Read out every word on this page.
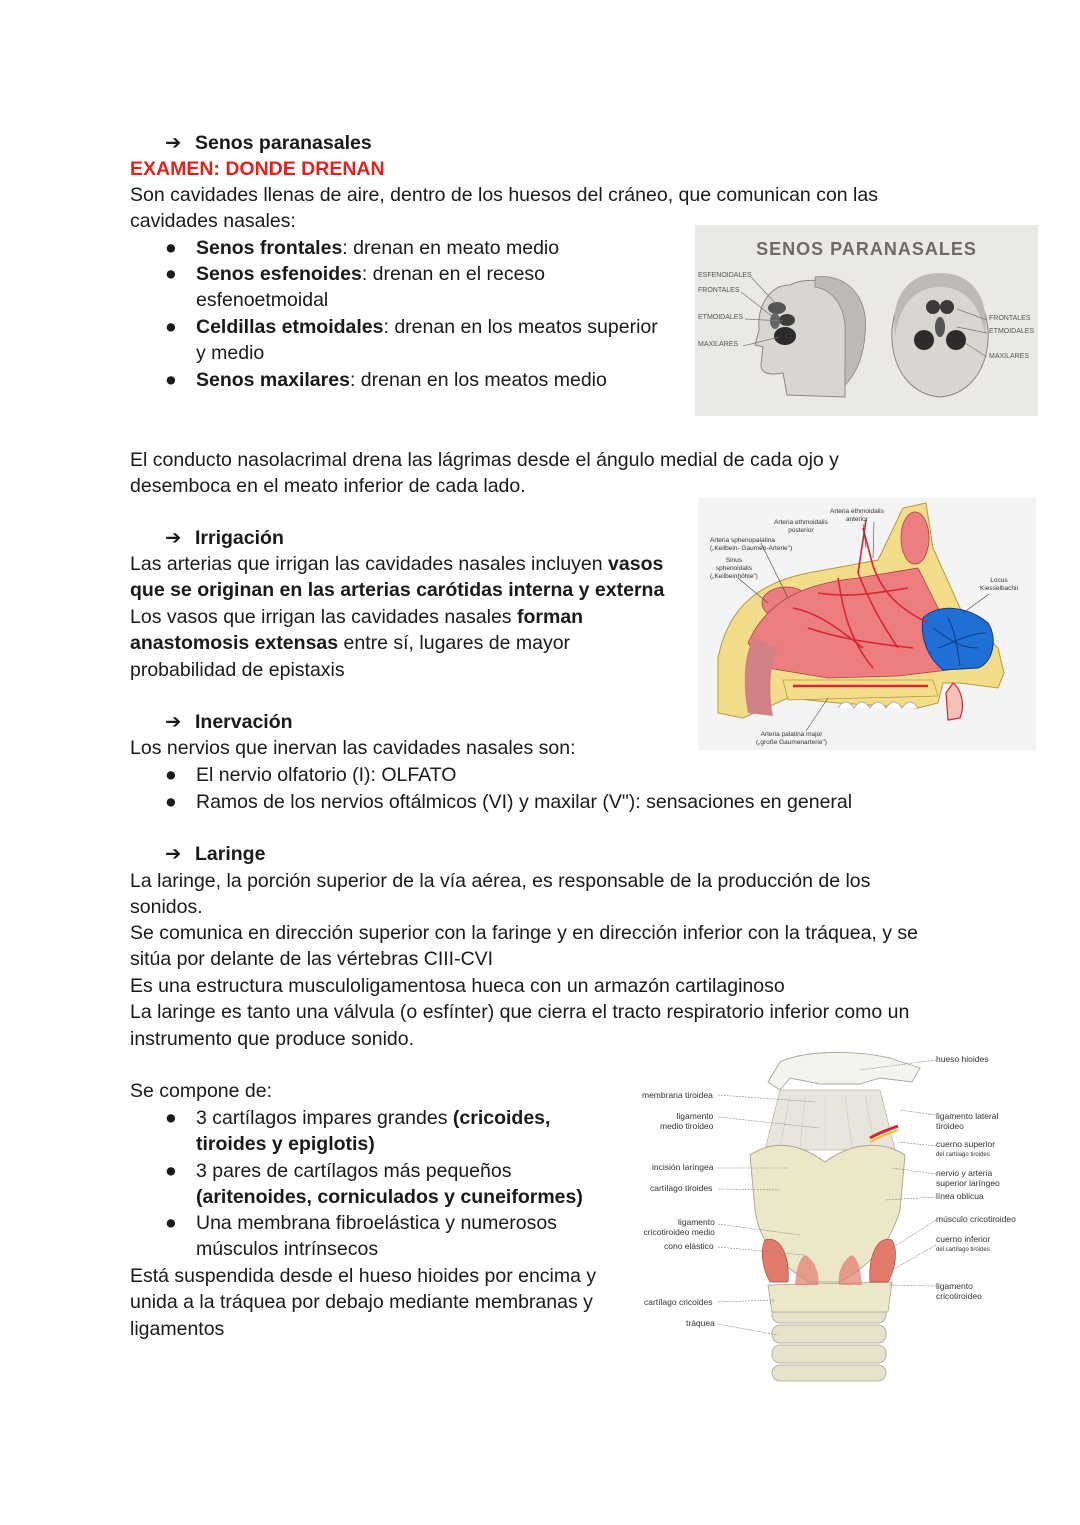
➔ Senos paranasales
EXAMEN: DONDE DRENAN
Son cavidades llenas de aire, dentro de los huesos del cráneo, que comunican con las
cavidades nasales:
● Senos frontales: drenan en meato medio
● Senos esfenoides: drenan en el receso
esfenoetmoidal
● Celdillas etmoidales: drenan en los meatos superior
y medio
● Senos maxilares: drenan en los meatos medio
SENOS PARANASALES
ESFENOIDALES
FRONTALES
ETMOIDALES
MAXILARES
FRONTALES
ETMOIDALES
MAXILARES
El conducto nasolacrimal drena las lágrimas desde el ángulo medial de cada ojo y
desemboca en el meato inferior de cada lado.
➔ Irrigación
Las arterias que irrigan las cavidades nasales incluyen vasos
que se originan en las arterias carótidas interna y externa
Los vasos que irrigan las cavidades nasales forman
anastomosis extensas entre sí, lugares de mayor
probabilidad de epistaxis
Arteria ethmoidalis
anterior
Arteria ethmoidalis
posterior
Arteria sphenopalatina
(„Keilbein- Gaumen-Arterie")
Sinus
sphenoidalis
(„Keilbeinhöhle")
Locus
Kiesselbachii
Arteria palatina major
(„große Gaumenarterie")
➔ Inervación
Los nervios que inervan las cavidades nasales son:
● El nervio olfatorio (I): OLFATO
● Ramos de los nervios oftálmicos (VI) y maxilar (V"): sensaciones en general
➔ Laringe
La laringe, la porción superior de la vía aérea, es responsable de la producción de los
sonidos.
Se comunica en dirección superior con la faringe y en dirección inferior con la tráquea, y se
sitúa por delante de las vértebras CIII-CVI
Es una estructura musculoligamentosa hueca con un armazón cartilaginoso
La laringe es tanto una válvula (o esfínter) que cierra el tracto respiratorio inferior como un
instrumento que produce sonido.
Se compone de:
● 3 cartílagos impares grandes (cricoides,
tiroides y epiglotis)
● 3 pares de cartílagos más pequeños
(aritenoides, corniculados y cuneiformes)
● Una membrana fibroelástica y numerosos
músculos intrínsecos
Está suspendida desde el hueso hioides por encima y
unida a la tráquea por debajo mediante membranas y
ligamentos
hueso hioides
membrana tiroidea
ligamento
medio tiroideo
ligamento lateral
tiroideo
cuerno superior
del cartílago tiroides
incisión laríngea
nervio y arteria
superior laríngeo
línea oblicua
cartílago tiroides
músculo cricotiroideo
ligamento
cricotiroideo medio
cono elástico
cuerno inferior
del cartílago tiroides
ligamento
cricotiroideo
cartílago cricoides
tráquea
